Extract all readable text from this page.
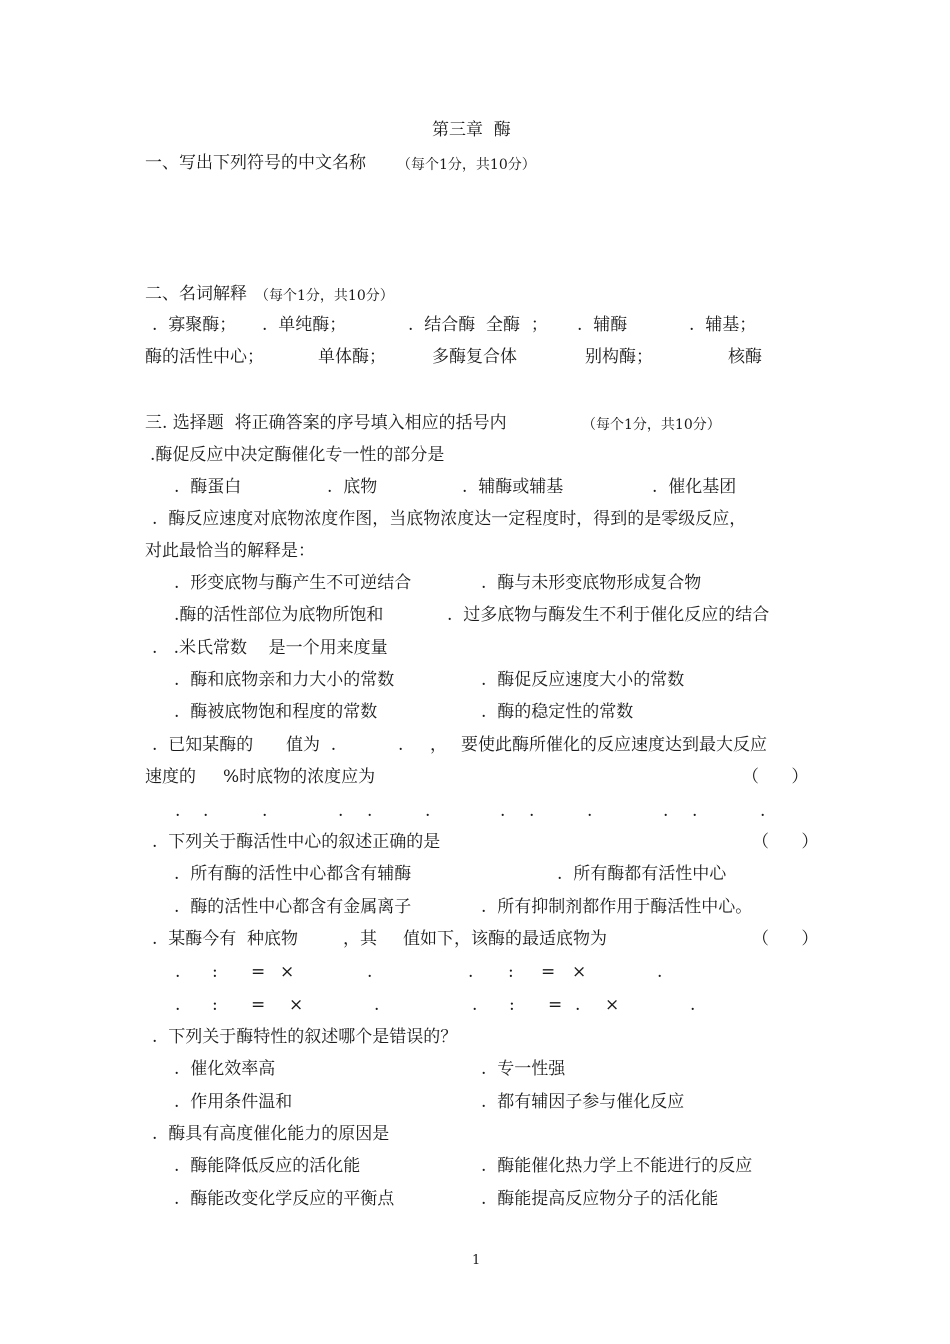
第三章  酶
一、写出下列符号的中文名称 （每个1分，共10分）
二、名词解释 （每个1分，共10分）
.  寡聚酶； .  单纯酶；	.  结合酶  全酶  ； .  辅酶	.  辅基；
酶的活性中心；	单体酶；	多酶复合体	别构酶；	核酶
三. 选择题  将正确答案的序号填入相应的括号内	（每个1分，共10分）
.酶促反应中决定酶催化专一性的部分是
.  酶蛋白	.  底物	.  辅酶或辅基	.  催化基团
.  酶反应速度对底物浓度作图，当底物浓度达一定程度时，得到的是零级反应，
对此最恰当的解释是：
.  形变底物与酶产生不可逆结合	.  酶与未形变底物形成复合物
.酶的活性部位为底物所饱和	.  过多底物与酶发生不利于催化反应的结合
.   .米氏常数    是一个用来度量
.  酶和底物亲和力大小的常数	.  酶促反应速度大小的常数
.  酶被底物饱和程度的常数	.  酶的稳定性的常数
.  已知某酶的 值为  .	. ， 要使此酶所催化的反应速度达到最大反应
速度的     %时底物的浓度应为	（      ）
. .	.	. .	.	. .	.	. .	.
.  下列关于酶活性中心的叙述正确的是	（      ）
.  所有酶的活性中心都含有辅酶	.  所有酶都有活性中心
.  酶的活性中心都含有金属离子	.  所有抑制剂都作用于酶活性中心。
.  某酶今有  种底物	，其 值如下，该酶的最适底物为	（      ）
. : = ×	.	. : = ×	.
. : = ×	.	. : = . ×	.
.  下列关于酶特性的叙述哪个是错误的？
.  催化效率高	.  专一性强
.  作用条件温和	.  都有辅因子参与催化反应
.  酶具有高度催化能力的原因是
.  酶能降低反应的活化能	.  酶能催化热力学上不能进行的反应
.  酶能改变化学反应的平衡点	.  酶能提高反应物分子的活化能
1
